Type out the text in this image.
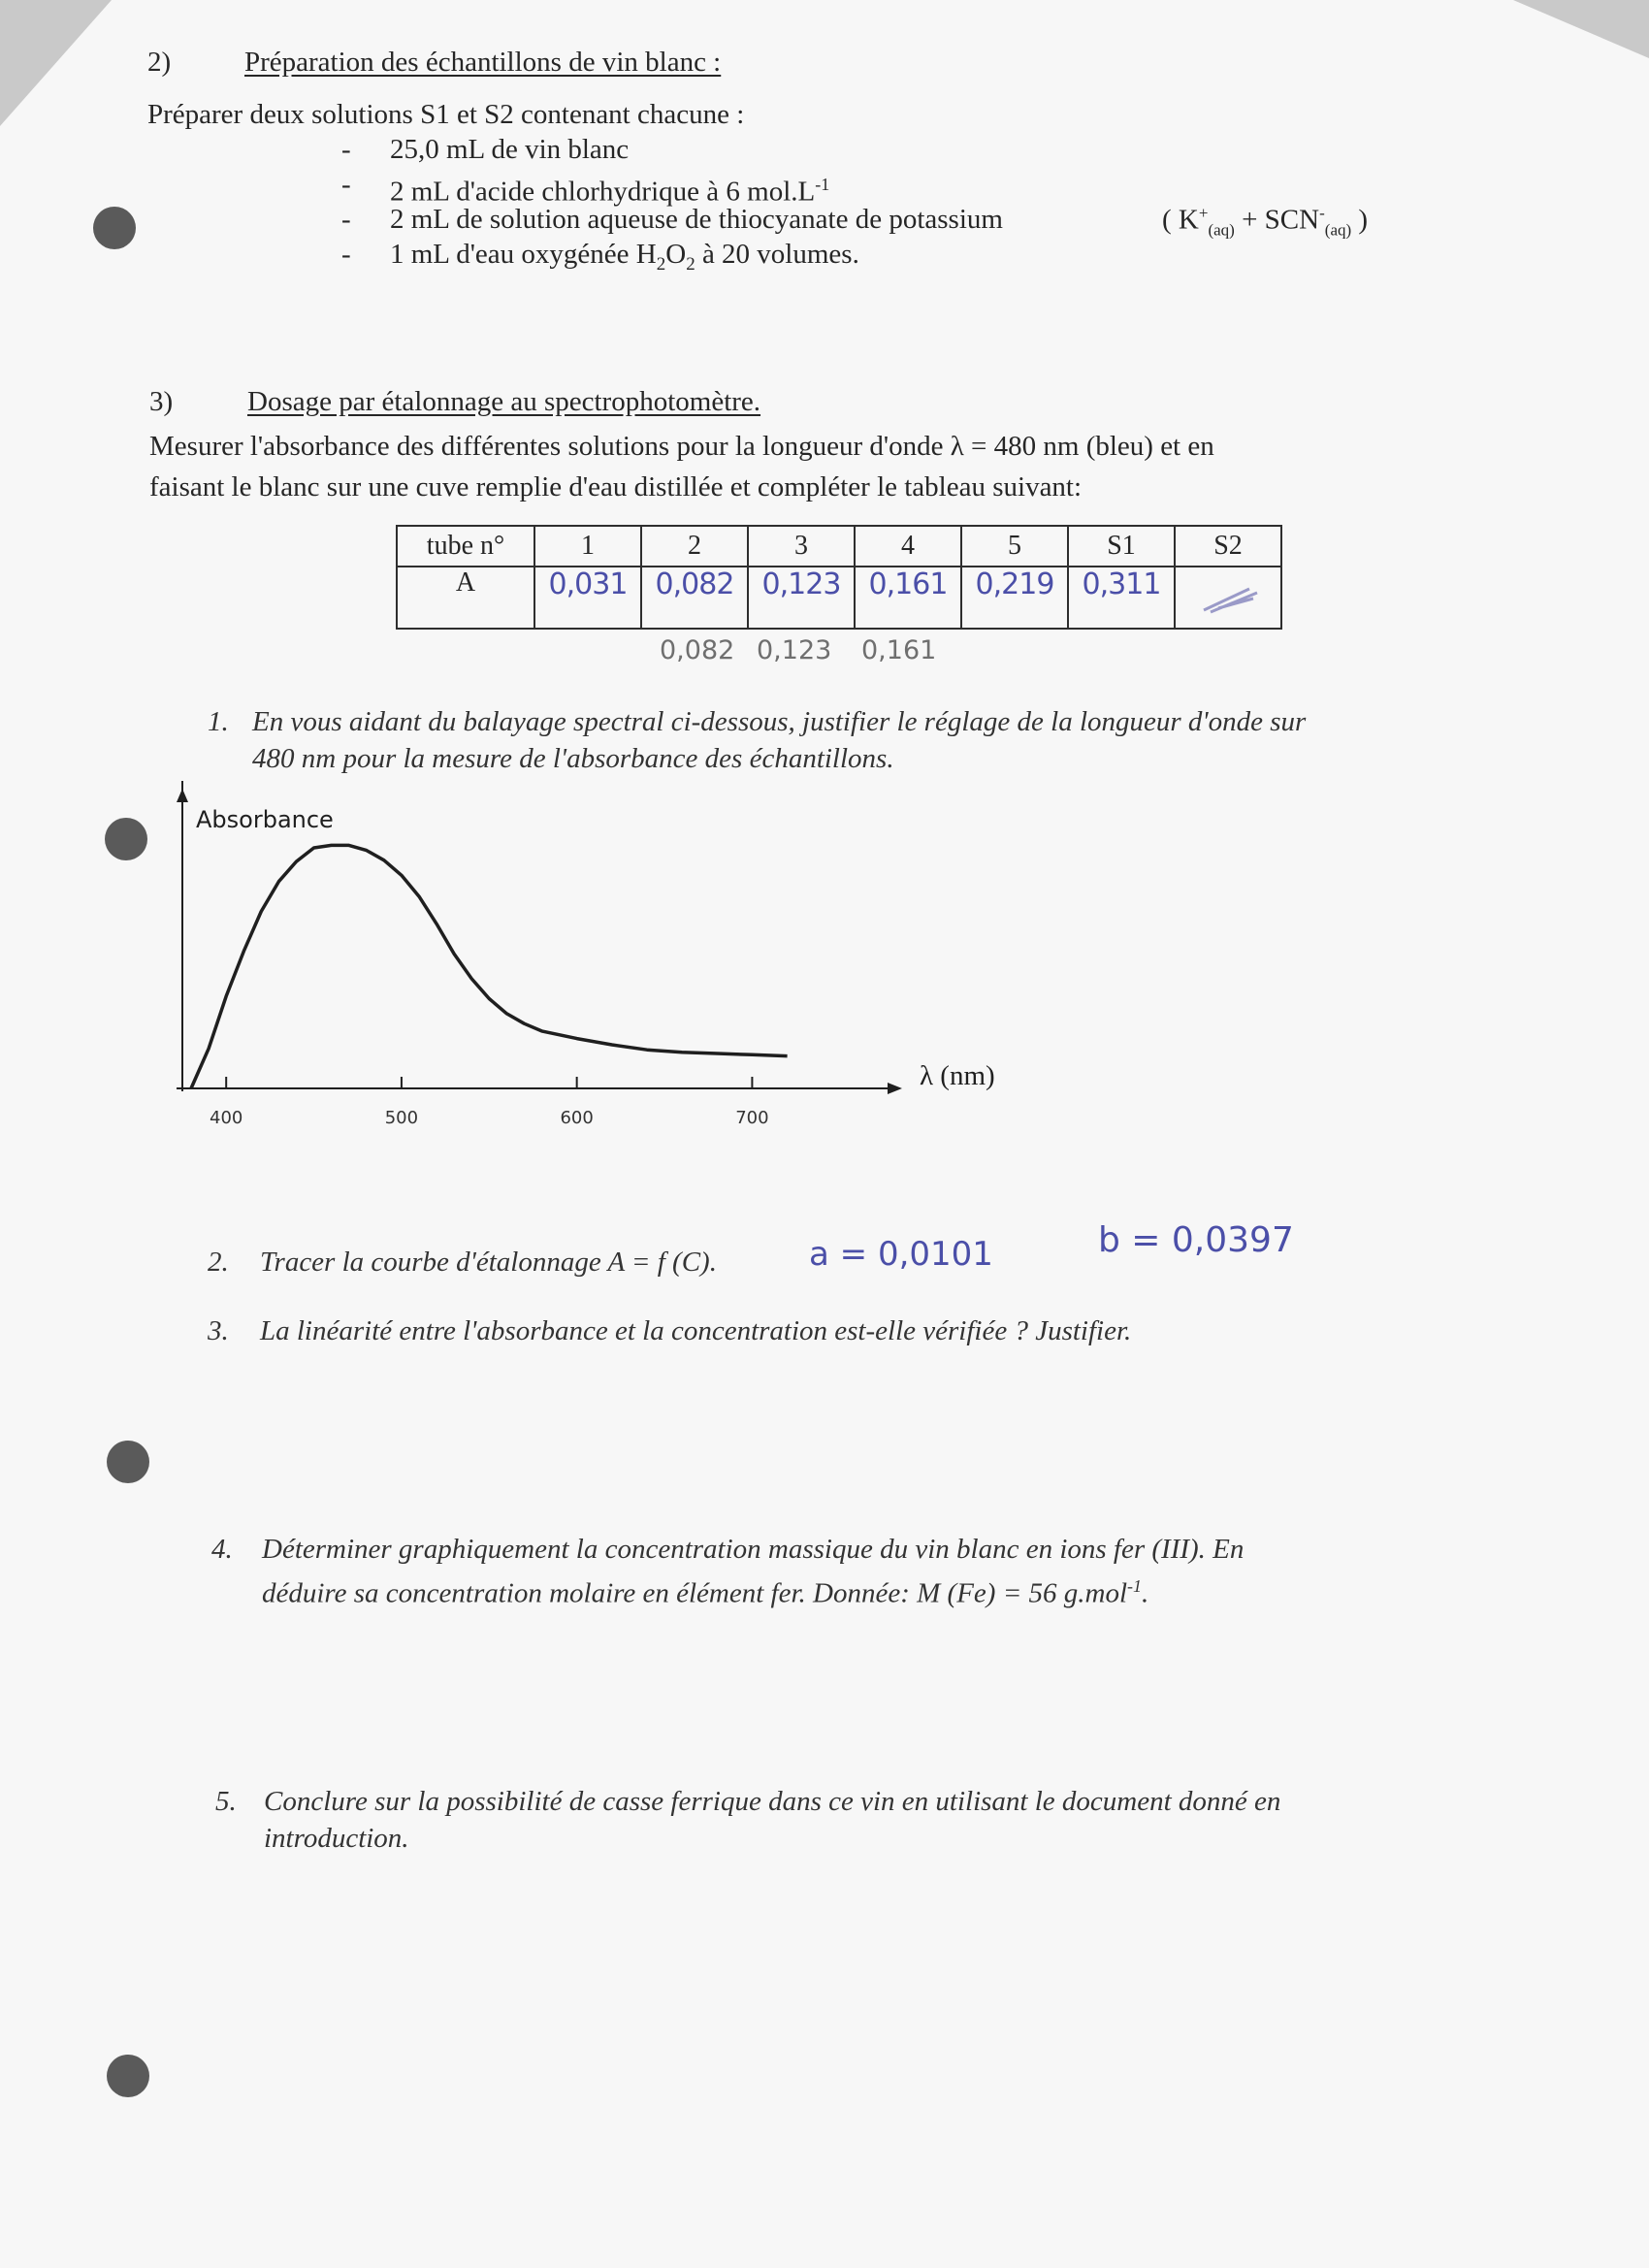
2)	Préparation des échantillons de vin blanc :
Préparer deux solutions S1 et S2 contenant chacune :
- 25,0 mL de vin blanc
- 2 mL d'acide chlorhydrique à 6 $mol.L^{-1}$
- 2 mL de solution aqueuse de thiocyanate de potassium	( $K^+_{(aq)} + SCN^-_{(aq)}$ )
- 1 mL d'eau oxygénée $H_2O_2$ à 20 volumes.
3)	Dosage par étalonnage au spectrophotomètre.
Mesurer l'absorbance des différentes solutions pour la longueur d'onde λ = 480 nm (bleu) et en
faisant le blanc sur une cuve remplie d'eau distillée et compléter le tableau suivant:
tube n°	1	2	3	4	5	S1	S2
A	0,031	0,082	0,123	0,161	0,219	0,311	
0,082 0,123 0,161
1. En vous aidant du balayage spectral ci-dessous, justifier le réglage de la longueur d'onde sur
480 nm pour la mesure de l'absorbance des échantillons.
Absorbance
λ (nm)
400	500	600	700
2. Tracer la courbe d'étalonnage A = f (C).	a = 0,0101	b = 0,0397
3. La linéarité entre l'absorbance et la concentration est-elle vérifiée ? Justifier.
4. Déterminer graphiquement la concentration massique du vin blanc en ions fer (III). En
déduire sa concentration molaire en élément fer. Donnée: M (Fe) = 56 g.mol$^{-1}$.
5. Conclure sur la possibilité de casse ferrique dans ce vin en utilisant le document donné en
introduction.
